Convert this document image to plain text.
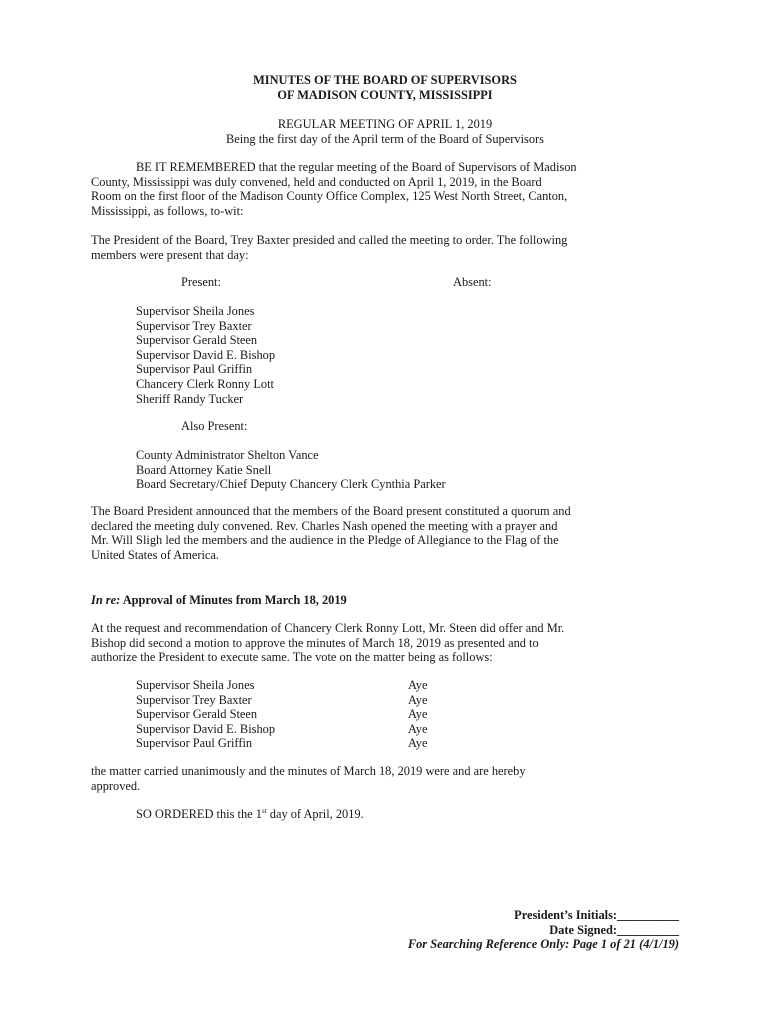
MINUTES OF THE BOARD OF SUPERVISORS
OF MADISON COUNTY, MISSISSIPPI
REGULAR MEETING OF APRIL 1, 2019
Being the first day of the April term of the Board of Supervisors
BE IT REMEMBERED that the regular meeting of the Board of Supervisors of Madison
County, Mississippi was duly convened, held and conducted on April 1, 2019, in the Board
Room on the first floor of the Madison County Office Complex, 125 West North Street, Canton,
Mississippi, as follows, to-wit:
The President of the Board, Trey Baxter presided and called the meeting to order. The following
members were present that day:
Present:	Absent:
Supervisor Sheila Jones
Supervisor Trey Baxter
Supervisor Gerald Steen
Supervisor David E. Bishop
Supervisor Paul Griffin
Chancery Clerk Ronny Lott
Sheriff Randy Tucker
Also Present:
County Administrator Shelton Vance
Board Attorney Katie Snell
Board Secretary/Chief Deputy Chancery Clerk Cynthia Parker
The Board President announced that the members of the Board present constituted a quorum and
declared the meeting duly convened. Rev. Charles Nash opened the meeting with a prayer and
Mr. Will Sligh led the members and the audience in the Pledge of Allegiance to the Flag of the
United States of America.
In re: Approval of Minutes from March 18, 2019
At the request and recommendation of Chancery Clerk Ronny Lott, Mr. Steen did offer and Mr.
Bishop did second a motion to approve the minutes of March 18, 2019 as presented and to
authorize the President to execute same. The vote on the matter being as follows:
Supervisor Sheila Jones	Aye
Supervisor Trey Baxter	Aye
Supervisor Gerald Steen	Aye
Supervisor David E. Bishop	Aye
Supervisor Paul Griffin	Aye
the matter carried unanimously and the minutes of March 18, 2019 were and are hereby
approved.
SO ORDERED this the 1st day of April, 2019.
President’s Initials:__________
Date Signed:__________
For Searching Reference Only: Page 1 of 21 (4/1/19)
